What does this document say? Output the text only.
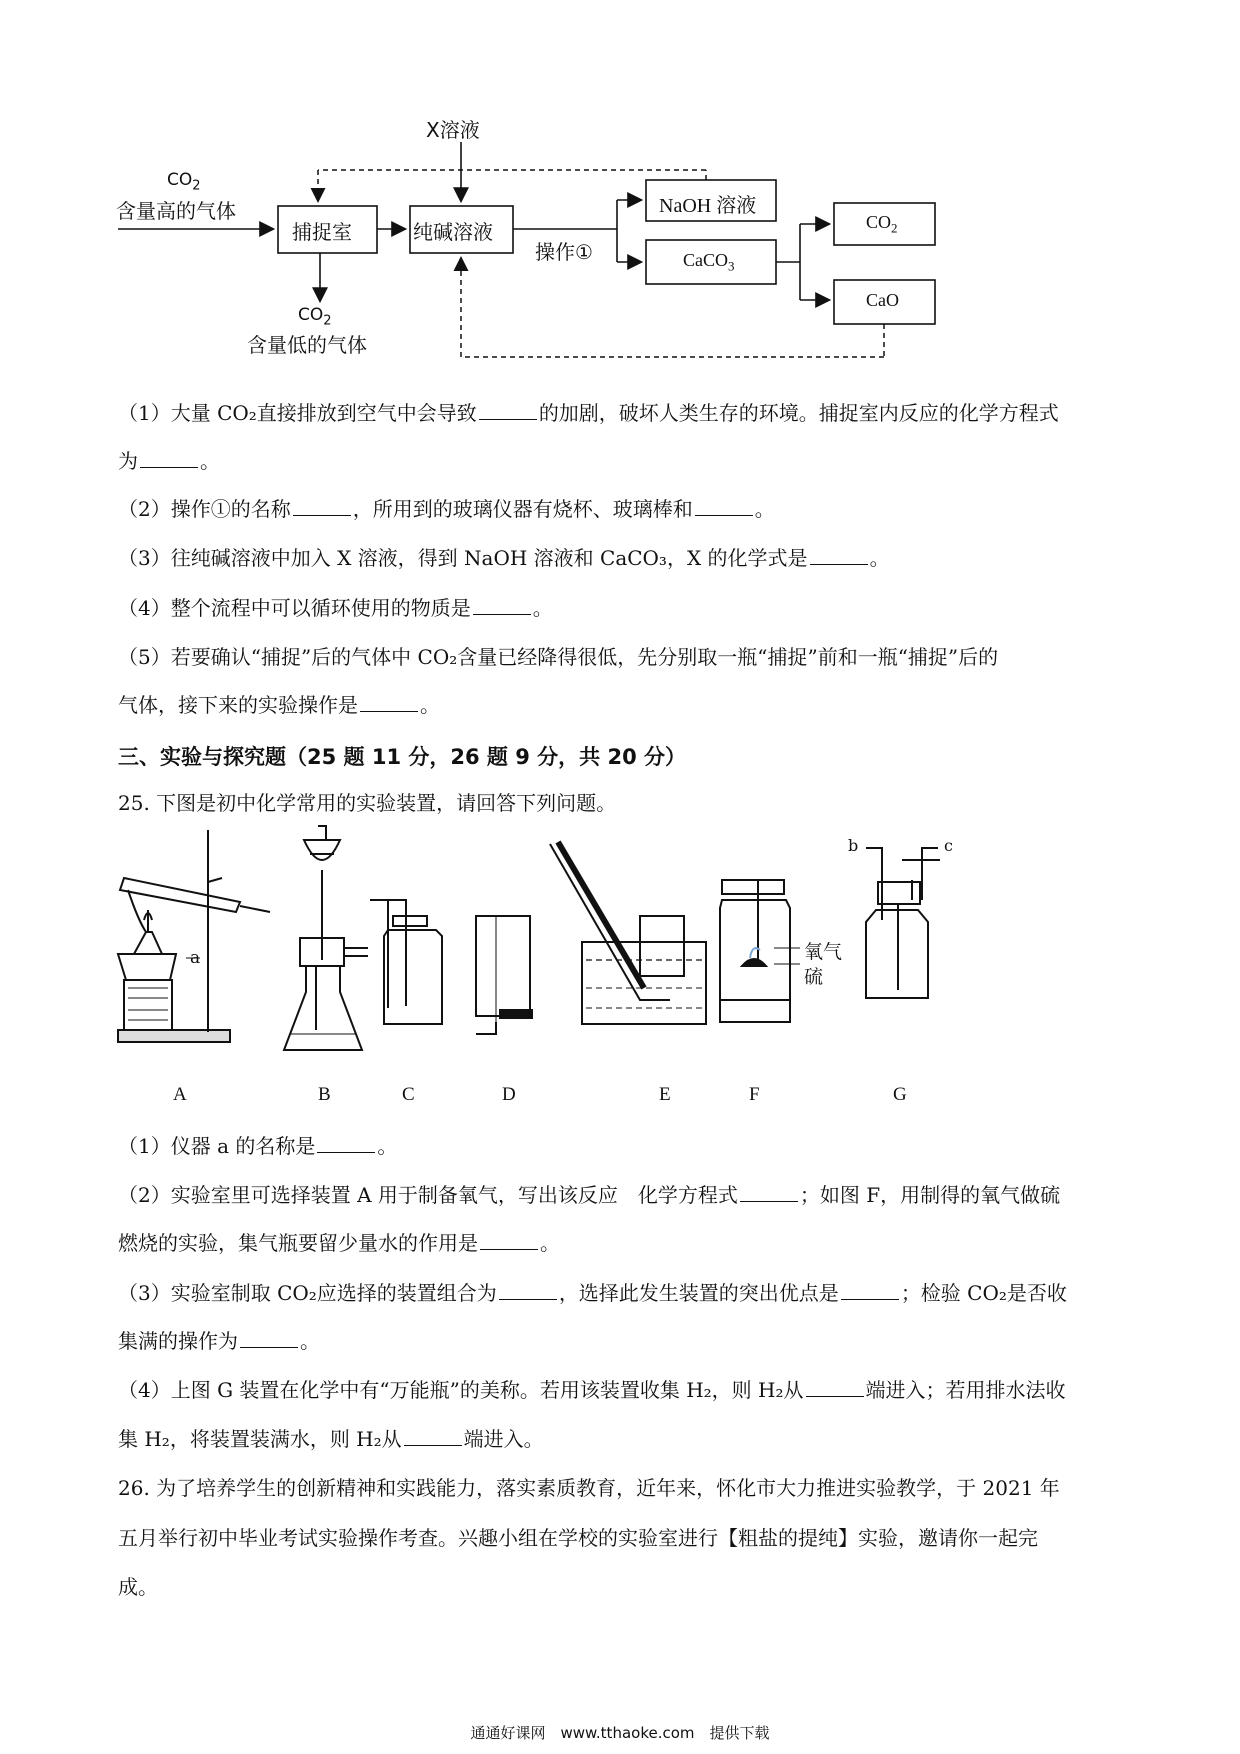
X溶液
$CO_2$
含量高的气体
捕捉室	纯碱溶液
NaOH 溶液
CaCO$_3$
$CO_2$
CaO
操作①
$CO_2$
含量低的气体
（1）大量 CO₂直接排放到空气中会导致	的加剧，破坏人类生存的环境。捕捉室内反应的化学方程式
为	。
（2）操作①的名称	，所用到的玻璃仪器有烧杯、玻璃棒和	。
（3）往纯碱溶液中加入 X 溶液，得到 NaOH 溶液和 CaCO₃，X 的化学式是	。
（4）整个流程中可以循环使用的物质是	。
（5）若要确认“捕捉”后的气体中 CO₂含量已经降得很低，先分别取一瓶“捕捉”前和一瓶“捕捉”后的
气体，接下来的实验操作是	。
三、实验与探究题（25 题 11 分，26 题 9 分，共 20 分）
25. 下图是初中化学常用的实验装置，请回答下列问题。
a	氧气
硫
b	c
A	B	C	D	E	F	G
（1）仪器 a 的名称是	。
（2）实验室里可选择装置 A 用于制备氧气，写出该反应　化学方程式	；如图 F，用制得的氧气做硫
燃烧的实验，集气瓶要留少量水的作用是	。
（3）实验室制取 CO₂应选择的装置组合为	，选择此发生装置的突出优点是	；检验 CO₂是否收
集满的操作为	。
（4）上图 G 装置在化学中有“万能瓶”的美称。若用该装置收集 H₂，则 H₂从	端进入；若用排水法收
集 H₂，将装置装满水，则 H₂从	端进入。
26. 为了培养学生的创新精神和实践能力，落实素质教育，近年来，怀化市大力推进实验教学，于 2021 年
五月举行初中毕业考试实验操作考查。兴趣小组在学校的实验室进行【粗盐的提纯】实验，邀请你一起完
成。
通通好课网　www.tthaoke.com　提供下载
